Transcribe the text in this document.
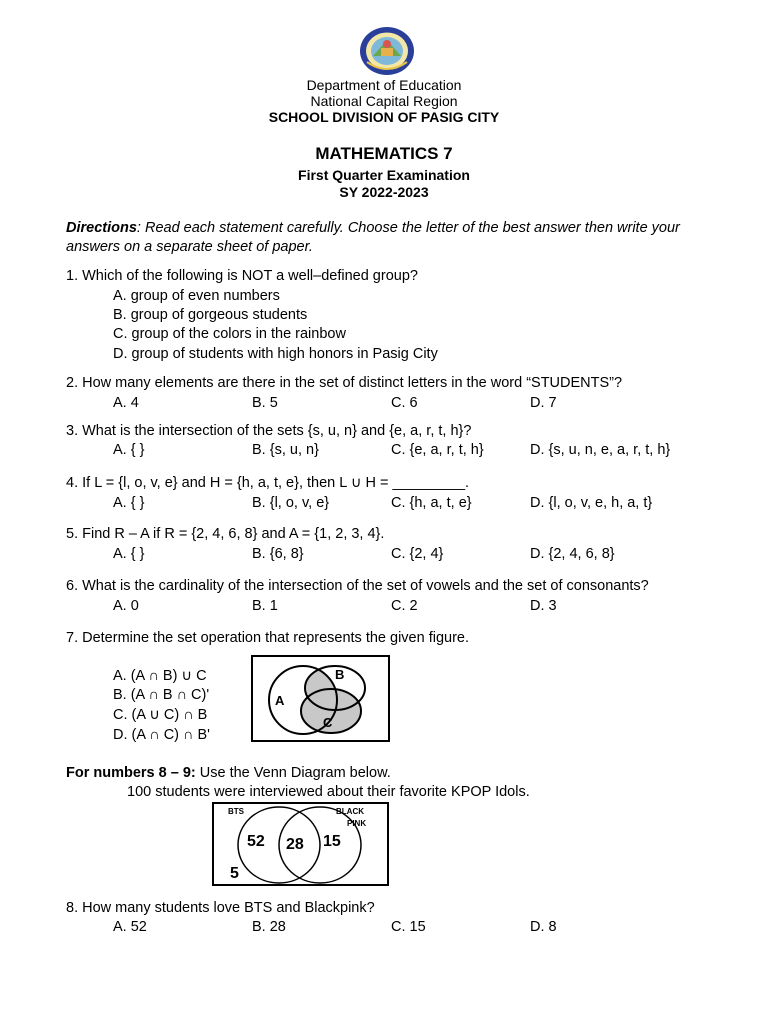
Department of Education
National Capital Region
SCHOOL DIVISION OF PASIG CITY
MATHEMATICS 7
First Quarter Examination
SY 2022-2023
Directions: Read each statement carefully. Choose the letter of the best answer then write your
answers on a separate sheet of paper.
1. Which of the following is NOT a well–defined group?
A. group of even numbers
B. group of gorgeous students
C. group of the colors in the rainbow
D. group of students with high honors in Pasig City
2. How many elements are there in the set of distinct letters in the word “STUDENTS”?
A. 4	B. 5	C. 6	D. 7
3. What is the intersection of the sets {s, u, n} and {e, a, r, t, h}?
A. { }	B. {s, u, n}	C. {e, a, r, t, h}	D. {s, u, n, e, a, r, t, h}
4. If L = {l, o, v, e} and H = {h, a, t, e}, then L ∪ H = _________.
A. { }	B. {l, o, v, e}	C. {h, a, t, e}	D. {l, o, v, e, h, a, t}
5. Find R – A if R = {2, 4, 6, 8} and A = {1, 2, 3, 4}.
A. { }	B. {6, 8}	C. {2, 4}	D. {2, 4, 6, 8}
6. What is the cardinality of the intersection of the set of vowels and the set of consonants?
A. 0	B. 1	C. 2	D. 3
7. Determine the set operation that represents the given figure.
A. (A ∩ B) ∪ C
B. (A ∩ B ∩ C)'
C. (A ∪ C) ∩ B
D. (A ∩ C) ∩ B'
A
B
C
For numbers 8 – 9: Use the Venn Diagram below.
100 students were interviewed about their favorite KPOP Idols.
BTS	BLACK
PINK
52 28 15
5
8. How many students love BTS and Blackpink?
A. 52	B. 28	C. 15	D. 8
